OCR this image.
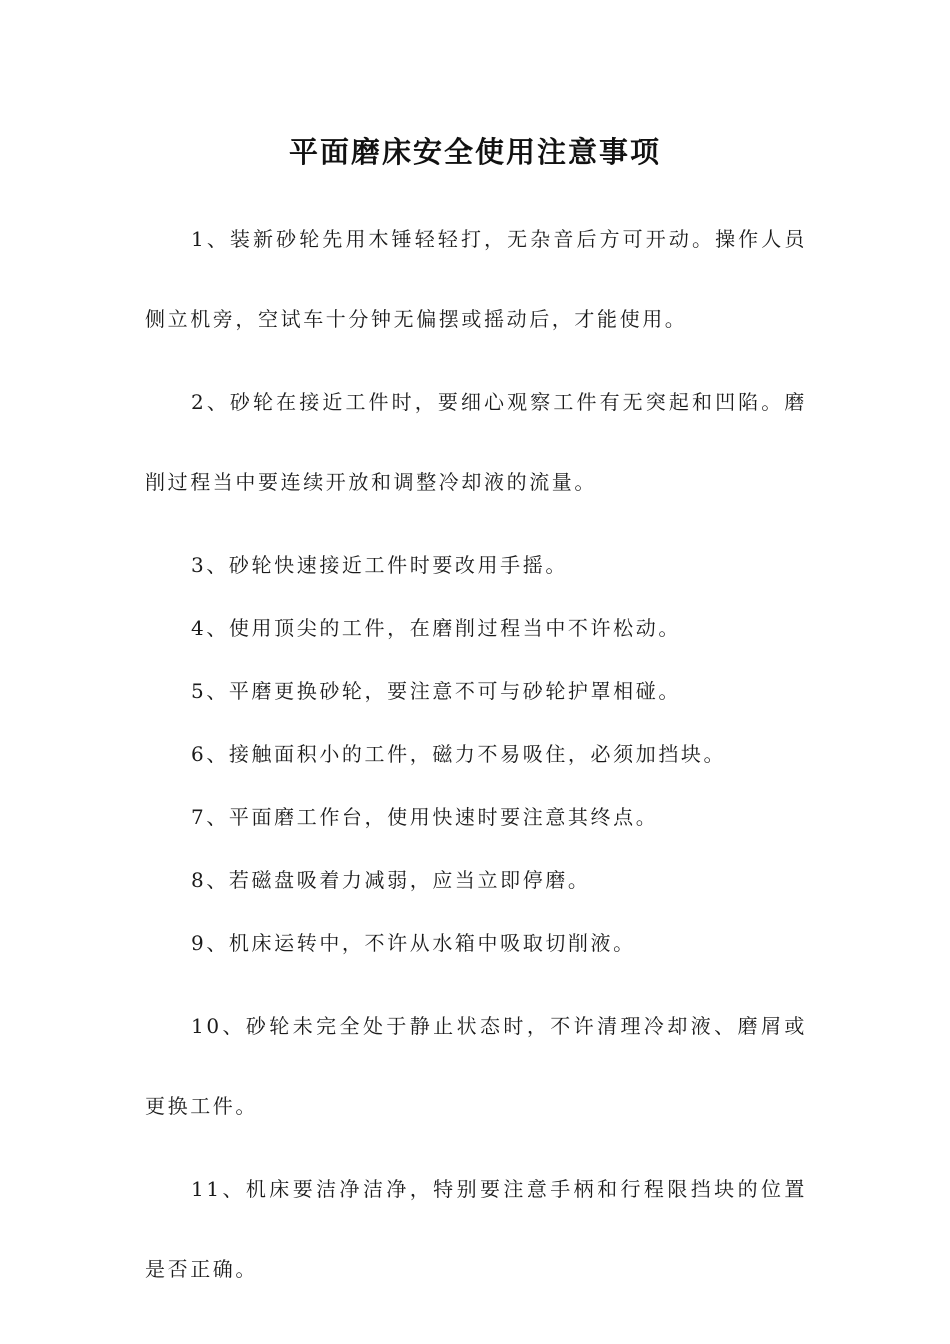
平面磨床安全使用注意事项

1、装新砂轮先用木锤轻轻打，无杂音后方可开动。操作人员侧立机旁，空试车十分钟无偏摆或摇动后，才能使用。

2、砂轮在接近工件时，要细心观察工件有无突起和凹陷。磨削过程当中要连续开放和调整冷却液的流量。

3、砂轮快速接近工件时要改用手摇。

4、使用顶尖的工件，在磨削过程当中不许松动。

5、平磨更换砂轮，要注意不可与砂轮护罩相碰。

6、接触面积小的工件，磁力不易吸住，必须加挡块。

7、平面磨工作台，使用快速时要注意其终点。

8、若磁盘吸着力减弱，应当立即停磨。

9、机床运转中，不许从水箱中吸取切削液。

10、砂轮未完全处于静止状态时，不许清理冷却液、磨屑或更换工件。

11、机床要洁净洁净，特别要注意手柄和行程限挡块的位置是否正确。
